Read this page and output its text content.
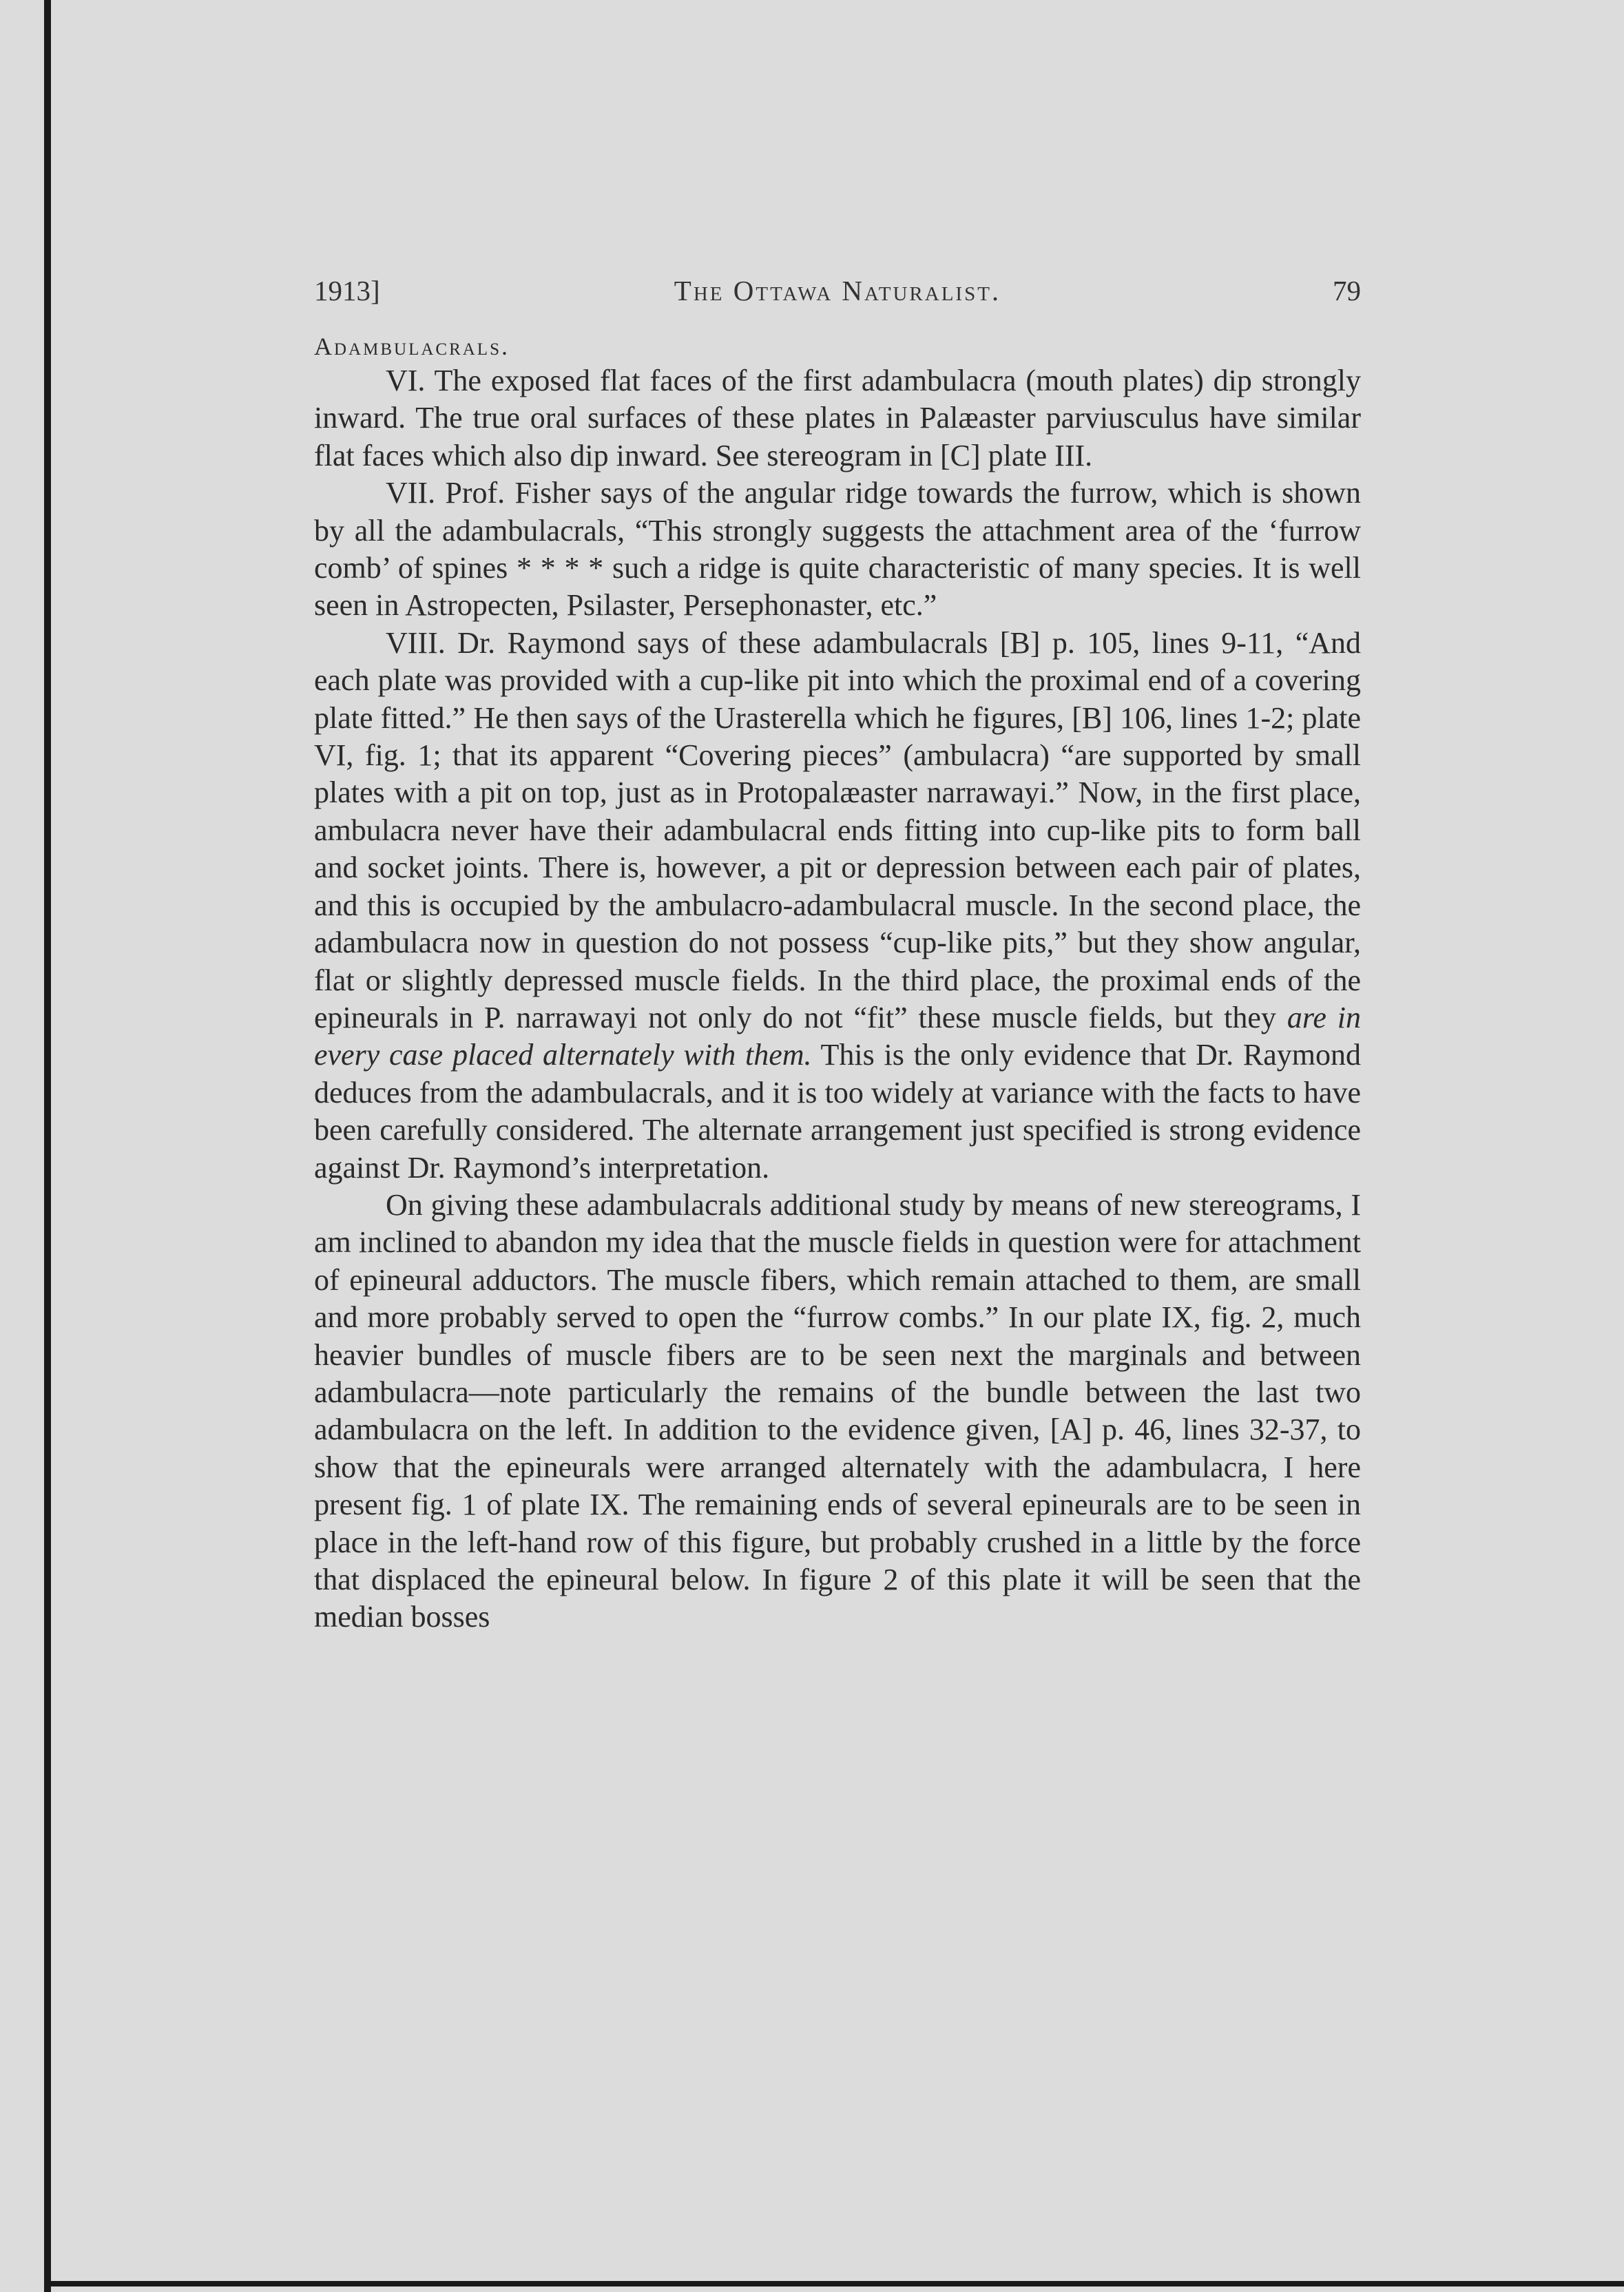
1913]	The Ottawa Naturalist.	79
Adambulacrals.

VI. The exposed flat faces of the first adambulacra (mouth plates) dip strongly inward. The true oral surfaces of these plates in Palæaster parviusculus have similar flat faces which also dip inward. See stereogram in [C] plate III.

VII. Prof. Fisher says of the angular ridge towards the furrow, which is shown by all the adambulacrals, “This strongly suggests the attachment area of the ‘furrow comb’ of spines * * * * such a ridge is quite characteristic of many species. It is well seen in Astropecten, Psilaster, Persephonaster, etc.”

VIII. Dr. Raymond says of these adambulacrals [B] p. 105, lines 9-11, “And each plate was provided with a cup-like pit into which the proximal end of a covering plate fitted.” He then says of the Urasterella which he figures, [B] 106, lines 1-2; plate VI, fig. 1; that its apparent “Covering pieces” (ambulacra) “are supported by small plates with a pit on top, just as in Protopalæaster narrawayi.” Now, in the first place, ambulacra never have their adambulacral ends fitting into cup-like pits to form ball and socket joints. There is, however, a pit or depression between each pair of plates, and this is occupied by the ambulacro-adambulacral muscle. In the second place, the adambulacra now in question do not possess “cup-like pits,” but they show angular, flat or slightly depressed muscle fields. In the third place, the proximal ends of the epineurals in P. narrawayi not only do not “fit” these muscle fields, but they are in every case placed alternately with them. This is the only evidence that Dr. Raymond deduces from the adambulacrals, and it is too widely at variance with the facts to have been carefully considered. The alternate arrangement just specified is strong evidence against Dr. Raymond’s interpretation.

On giving these adambulacrals additional study by means of new stereograms, I am inclined to abandon my idea that the muscle fields in question were for attachment of epineural adductors. The muscle fibers, which remain attached to them, are small and more probably served to open the “furrow combs.” In our plate IX, fig. 2, much heavier bundles of muscle fibers are to be seen next the marginals and between adambulacra—note particularly the remains of the bundle between the last two adambulacra on the left. In addition to the evidence given, [A] p. 46, lines 32-37, to show that the epineurals were arranged alternately with the adambulacra, I here present fig. 1 of plate IX. The remaining ends of several epineurals are to be seen in place in the left-hand row of this figure, but probably crushed in a little by the force that displaced the epineural below. In figure 2 of this plate it will be seen that the median bosses
